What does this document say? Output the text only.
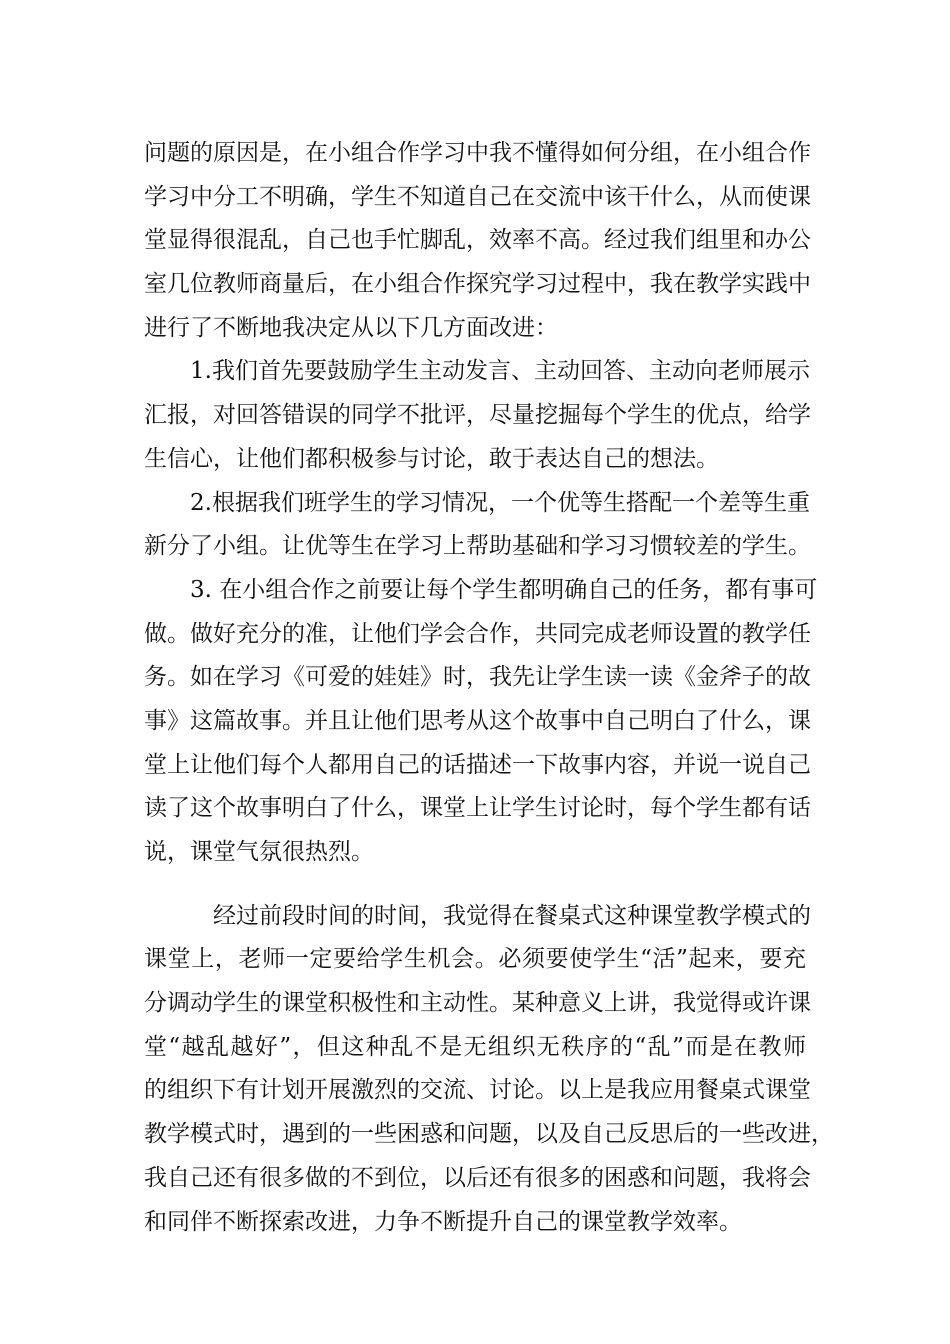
问题的原因是，在小组合作学习中我不懂得如何分组，在小组合作
学习中分工不明确，学生不知道自己在交流中该干什么，从而使课
堂显得很混乱，自己也手忙脚乱，效率不高。经过我们组里和办公
室几位教师商量后，在小组合作探究学习过程中，我在教学实践中
进行了不断地我决定从以下几方面改进：

1.我们首先要鼓励学生主动发言、主动回答、主动向老师展示
汇报，对回答错误的同学不批评，尽量挖掘每个学生的优点，给学
生信心，让他们都积极参与讨论，敢于表达自己的想法。

2.根据我们班学生的学习情况，一个优等生搭配一个差等生重
新分了小组。让优等生在学习上帮助基础和学习习惯较差的学生。

3. 在小组合作之前要让每个学生都明确自己的任务，都有事可
做。做好充分的准，让他们学会合作，共同完成老师设置的教学任
务。如在学习《可爱的娃娃》时，我先让学生读一读《金斧子的故
事》这篇故事。并且让他们思考从这个故事中自己明白了什么，课
堂上让他们每个人都用自己的话描述一下故事内容，并说一说自己
读了这个故事明白了什么，课堂上让学生讨论时，每个学生都有话
说，课堂气氛很热烈。

经过前段时间的时间，我觉得在餐桌式这种课堂教学模式的
课堂上，老师一定要给学生机会。必须要使学生“活”起来，要充
分调动学生的课堂积极性和主动性。某种意义上讲，我觉得或许课
堂“越乱越好”，但这种乱不是无组织无秩序的“乱”而是在教师
的组织下有计划开展激烈的交流、讨论。以上是我应用餐桌式课堂
教学模式时，遇到的一些困惑和问题，以及自己反思后的一些改进，
我自己还有很多做的不到位，以后还有很多的困惑和问题，我将会
和同伴不断探索改进，力争不断提升自己的课堂教学效率。
